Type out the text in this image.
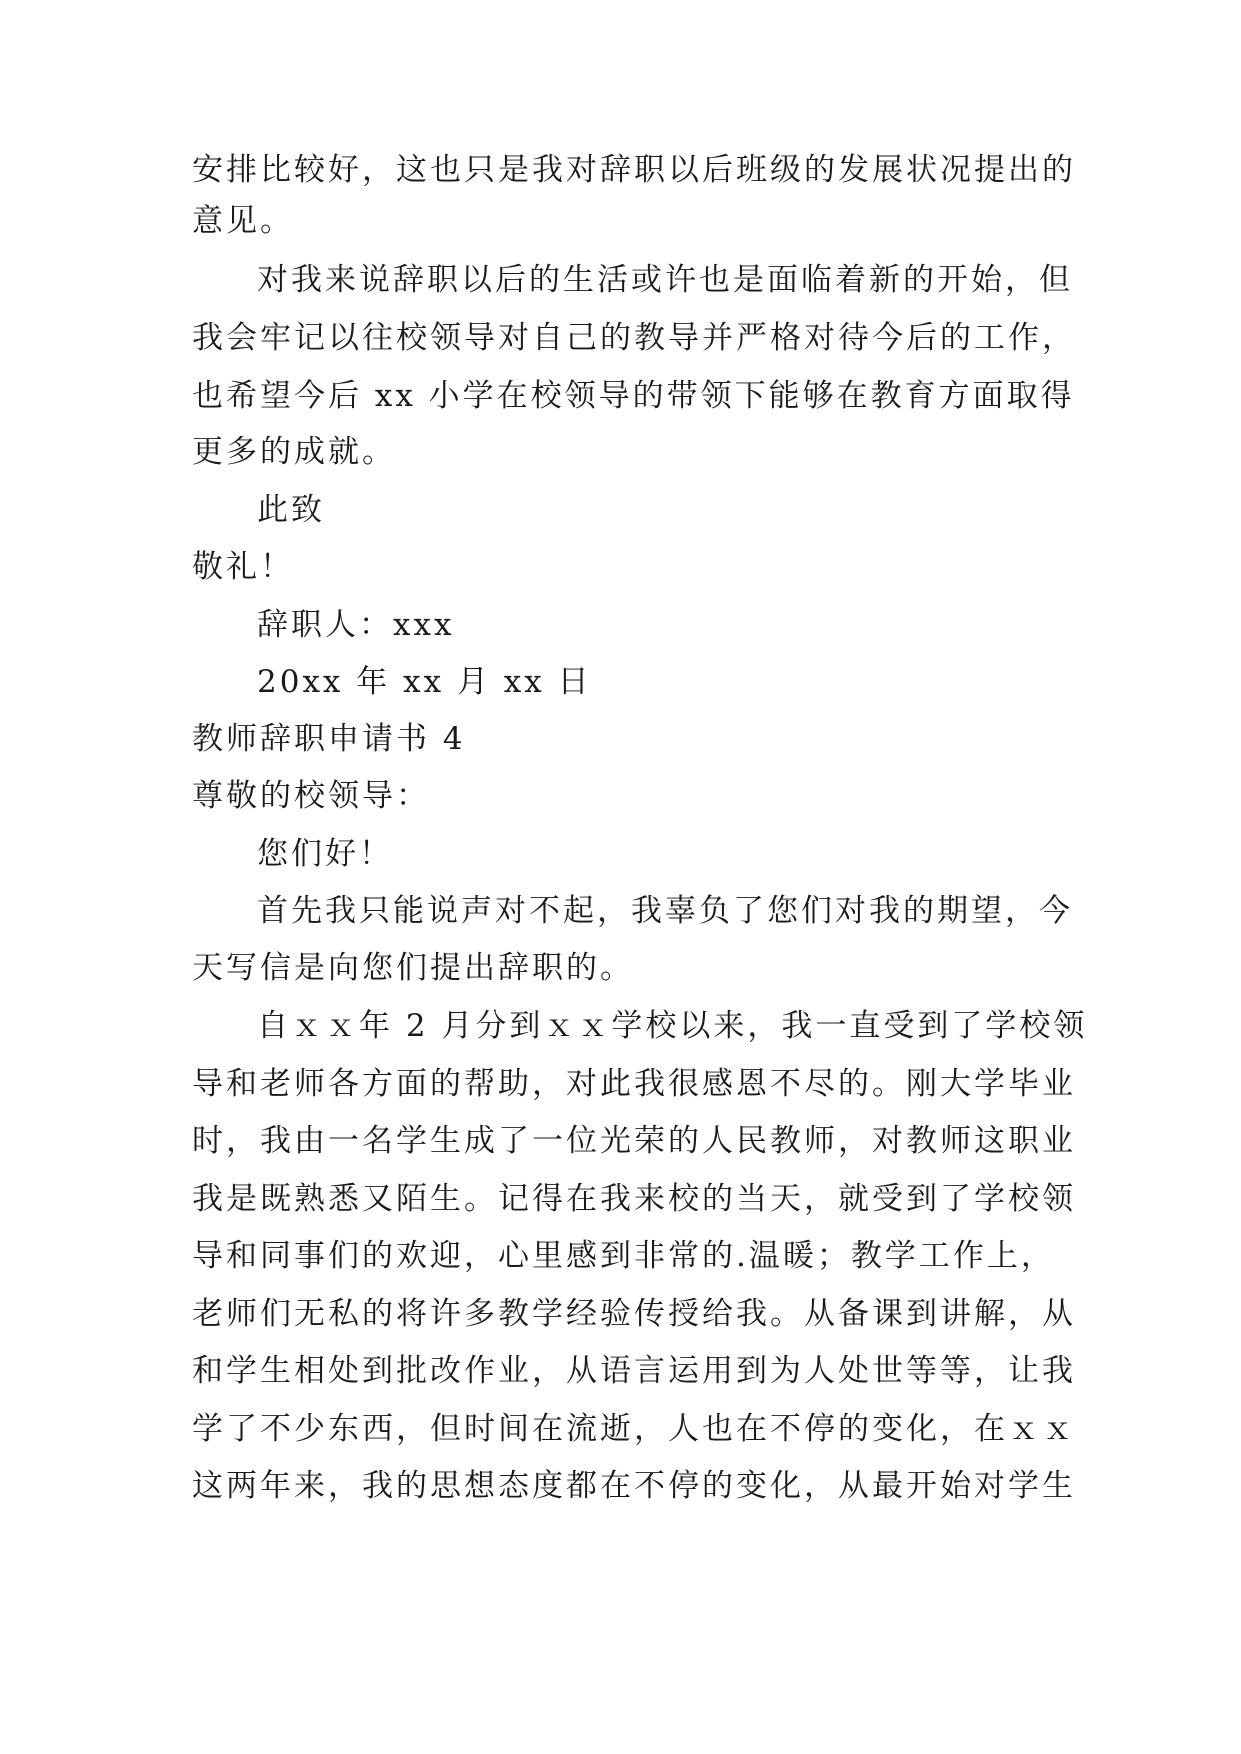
安排比较好，这也只是我对辞职以后班级的发展状况提出的
意见。
对我来说辞职以后的生活或许也是面临着新的开始，但
我会牢记以往校领导对自己的教导并严格对待今后的工作，
也希望今后 xx 小学在校领导的带领下能够在教育方面取得
更多的成就。
此致
敬礼！
辞职人：xxx
20xx 年 xx 月 xx 日
教师辞职申请书 4
尊敬的校领导：
您们好！
首先我只能说声对不起，我辜负了您们对我的期望，今
天写信是向您们提出辞职的。
自ｘｘ年 2 月分到ｘｘ学校以来，我一直受到了学校领
导和老师各方面的帮助，对此我很感恩不尽的。刚大学毕业
时，我由一名学生成了一位光荣的人民教师，对教师这职业
我是既熟悉又陌生。记得在我来校的当天，就受到了学校领
导和同事们的欢迎，心里感到非常的.温暖；教学工作上，
老师们无私的将许多教学经验传授给我。从备课到讲解，从
和学生相处到批改作业，从语言运用到为人处世等等，让我
学了不少东西，但时间在流逝，人也在不停的变化，在ｘｘ
这两年来，我的思想态度都在不停的变化，从最开始对学生
